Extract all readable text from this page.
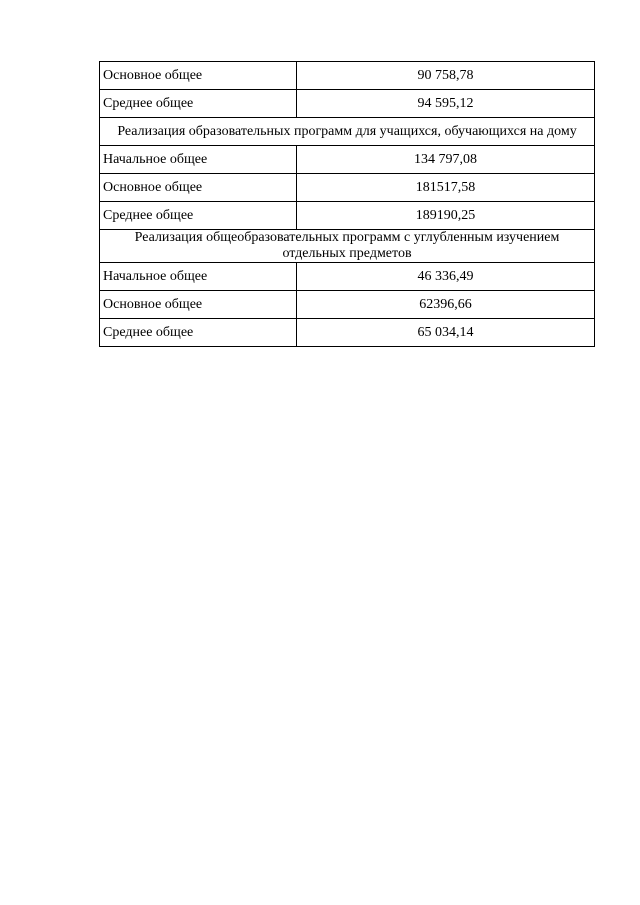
Основное общее	90 758,78
Среднее общее	94 595,12
Реализация образовательных программ для учащихся, обучающихся на дому	
Начальное общее	134 797,08
Основное общее	181517,58
Среднее общее	189190,25
Реализация общеобразовательных программ с углубленным изучением отдельных предметов	
Начальное общее	46 336,49
Основное общее	62396,66
Среднее общее	65 034,14
